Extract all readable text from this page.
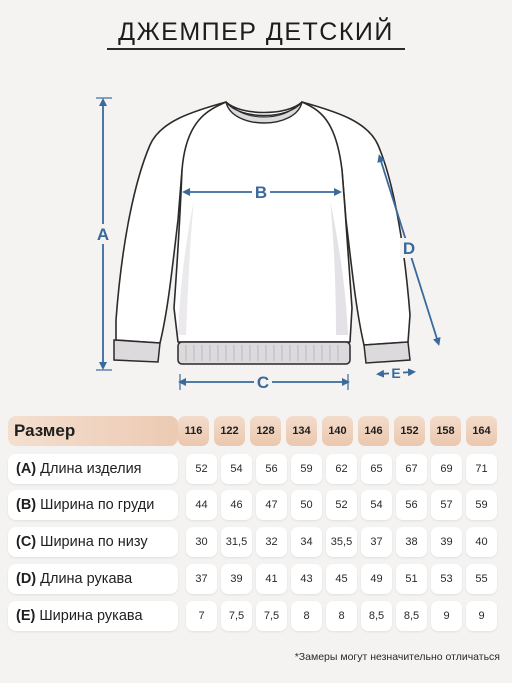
ДЖЕМПЕР ДЕТСКИЙ
A
B
C
D
E
Размер	116	122	128	134	140	146	152	158	164
(A) Длина изделия	52	54	56	59	62	65	67	69	71
(B) Ширина по груди	44	46	47	50	52	54	56	57	59
(C) Ширина по низу	30	31,5	32	34	35,5	37	38	39	40
(D) Длина рукава	37	39	41	43	45	49	51	53	55
(E) Ширина рукава	7	7,5	7,5	8	8	8,5	8,5	9	9
*Замеры могут незначительно отличаться
